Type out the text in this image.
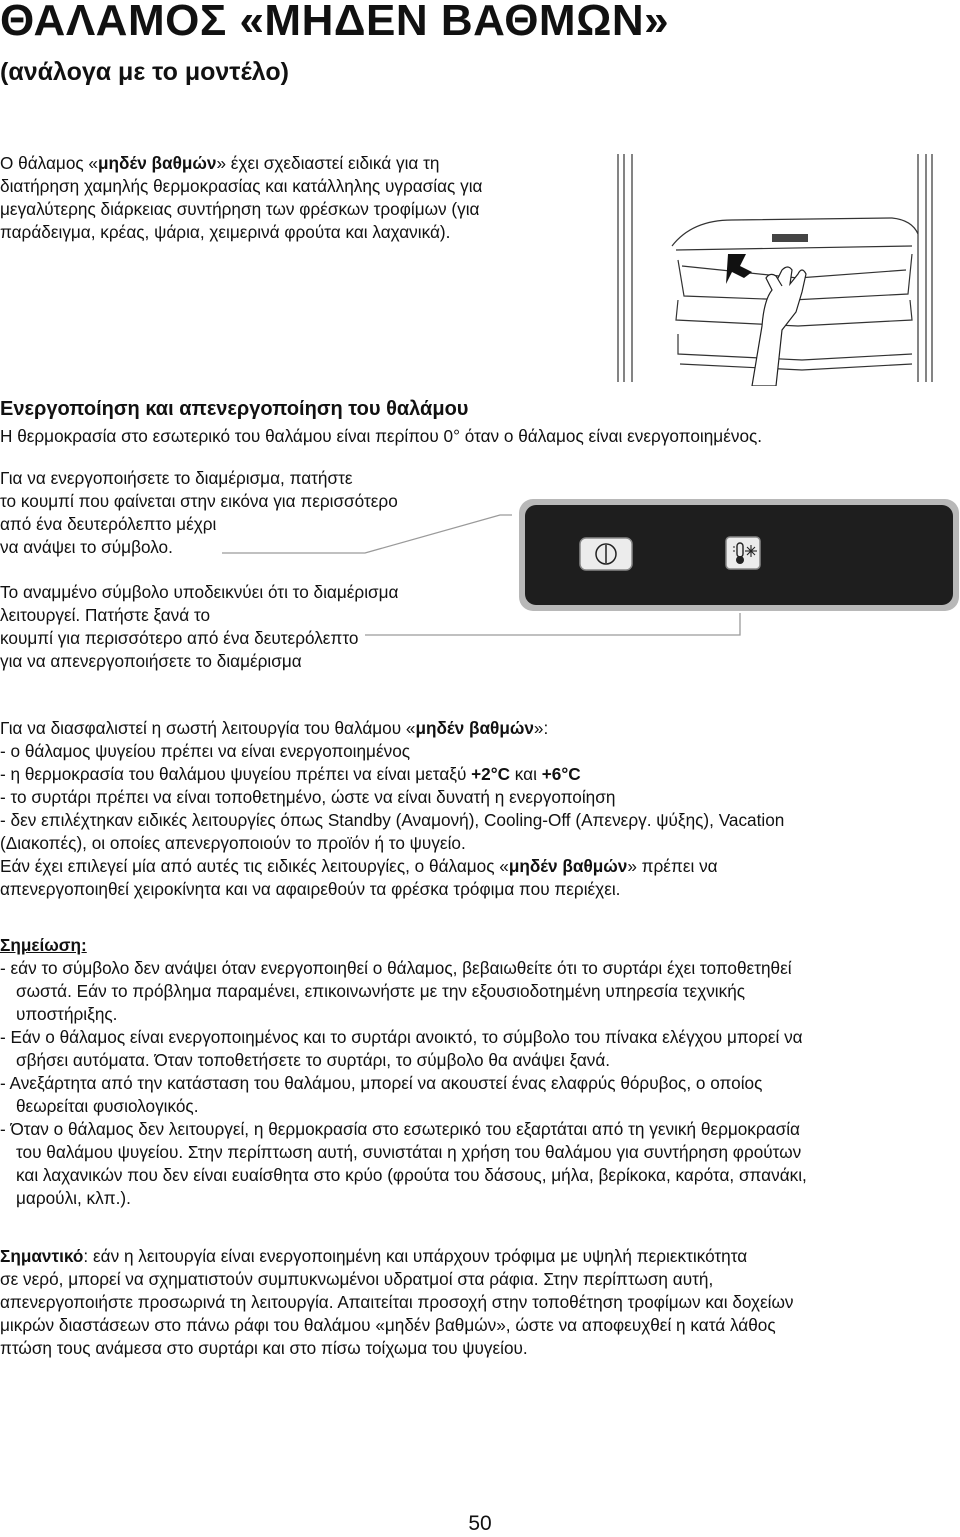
ΘΑΛΑΜΟΣ «ΜΗΔΕΝ ΒΑΘΜΩΝ»
(ανάλογα με το μοντέλο)
Ο θάλαμος «μηδέν βαθμών» έχει σχεδιαστεί ειδικά για τη
διατήρηση χαμηλής θερμοκρασίας και κατάλληλης υγρασίας για
μεγαλύτερης διάρκειας συντήρηση των φρέσκων τροφίμων (για
παράδειγμα, κρέας, ψάρια, χειμερινά φρούτα και λαχανικά).
Ενεργοποίηση και απενεργοποίηση του θαλάμου
Η θερμοκρασία στο εσωτερικό του θαλάμου είναι περίπου 0° όταν ο θάλαμος είναι ενεργοποιημένος.
Για να ενεργοποιήσετε το διαμέρισμα, πατήστε
το κουμπί που φαίνεται στην εικόνα για περισσότερο
από ένα δευτερόλεπτο μέχρι
να ανάψει το σύμβολο.
Το αναμμένο σύμβολο υποδεικνύει ότι το διαμέρισμα
λειτουργεί. Πατήστε ξανά το
κουμπί για περισσότερο από ένα δευτερόλεπτο
για να απενεργοποιήσετε το διαμέρισμα
Για να διασφαλιστεί η σωστή λειτουργία του θαλάμου «μηδέν βαθμών»:
- ο θάλαμος ψυγείου πρέπει να είναι ενεργοποιημένος
- η θερμοκρασία του θαλάμου ψυγείου πρέπει να είναι μεταξύ +2°C και +6°C
- το συρτάρι πρέπει να είναι τοποθετημένο, ώστε να είναι δυνατή η ενεργοποίηση
- δεν επιλέχτηκαν ειδικές λειτουργίες όπως Standby (Αναμονή), Cooling-Off (Απενεργ. ψύξης), Vacation
(Διακοπές), οι οποίες απενεργοποιούν το προϊόν ή το ψυγείο.
Εάν έχει επιλεγεί μία από αυτές τις ειδικές λειτουργίες, ο θάλαμος «μηδέν βαθμών» πρέπει να
απενεργοποιηθεί χειροκίνητα και να αφαιρεθούν τα φρέσκα τρόφιμα που περιέχει.
Σημείωση:
- εάν το σύμβολο δεν ανάψει όταν ενεργοποιηθεί ο θάλαμος, βεβαιωθείτε ότι το συρτάρι έχει τοποθετηθεί
σωστά. Εάν το πρόβλημα παραμένει, επικοινωνήστε με την εξουσιοδοτημένη υπηρεσία τεχνικής
υποστήριξης.
- Εάν ο θάλαμος είναι ενεργοποιημένος και το συρτάρι ανοικτό, το σύμβολο του πίνακα ελέγχου μπορεί να
σβήσει αυτόματα. Όταν τοποθετήσετε το συρτάρι, το σύμβολο θα ανάψει ξανά.
- Ανεξάρτητα από την κατάσταση του θαλάμου, μπορεί να ακουστεί ένας ελαφρύς θόρυβος, ο οποίος
θεωρείται φυσιολογικός.
- Όταν ο θάλαμος δεν λειτουργεί, η θερμοκρασία στο εσωτερικό του εξαρτάται από τη γενική θερμοκρασία
του θαλάμου ψυγείου. Στην περίπτωση αυτή, συνιστάται η χρήση του θαλάμου για συντήρηση φρούτων
και λαχανικών που δεν είναι ευαίσθητα στο κρύο (φρούτα του δάσους, μήλα, βερίκοκα, καρότα, σπανάκι,
μαρούλι, κλπ.).
Σημαντικό: εάν η λειτουργία είναι ενεργοποιημένη και υπάρχουν τρόφιμα με υψηλή περιεκτικότητα
σε νερό, μπορεί να σχηματιστούν συμπυκνωμένοι υδρατμοί στα ράφια. Στην περίπτωση αυτή,
απενεργοποιήστε προσωρινά τη λειτουργία. Απαιτείται προσοχή στην τοποθέτηση τροφίμων και δοχείων
μικρών διαστάσεων στο πάνω ράφι του θαλάμου «μηδέν βαθμών», ώστε να αποφευχθεί η κατά λάθος
πτώση τους ανάμεσα στο συρτάρι και στο πίσω τοίχωμα του ψυγείου.
50
